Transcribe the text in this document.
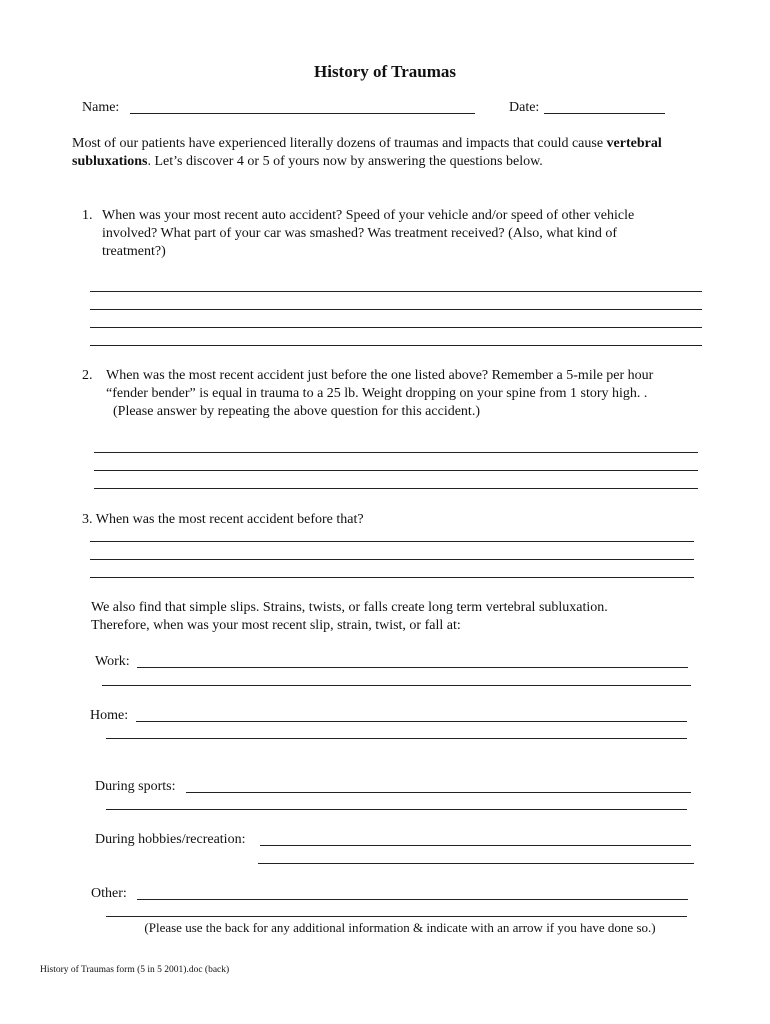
History of Traumas
Name:	Date:
Most of our patients have experienced literally dozens of traumas and impacts that could cause vertebral
subluxations. Let’s discover 4 or 5 of yours now by answering the questions below.
1. When was your most recent auto accident? Speed of your vehicle and/or speed of other vehicle
involved? What part of your car was smashed? Was treatment received? (Also, what kind of
treatment?)
2. When was the most recent accident just before the one listed above? Remember a 5-mile per hour
“fender bender” is equal in trauma to a 25 lb. Weight dropping on your spine from 1 story high. .
(Please answer by repeating the above question for this accident.)
3. When was the most recent accident before that?
We also find that simple slips. Strains, twists, or falls create long term vertebral subluxation.
Therefore, when was your most recent slip, strain, twist, or fall at:
Work:
Home:
During sports:
During hobbies/recreation:
Other:
(Please use the back for any additional information & indicate with an arrow if you have done so.)
History of Traumas form (5 in 5 2001).doc (back)
